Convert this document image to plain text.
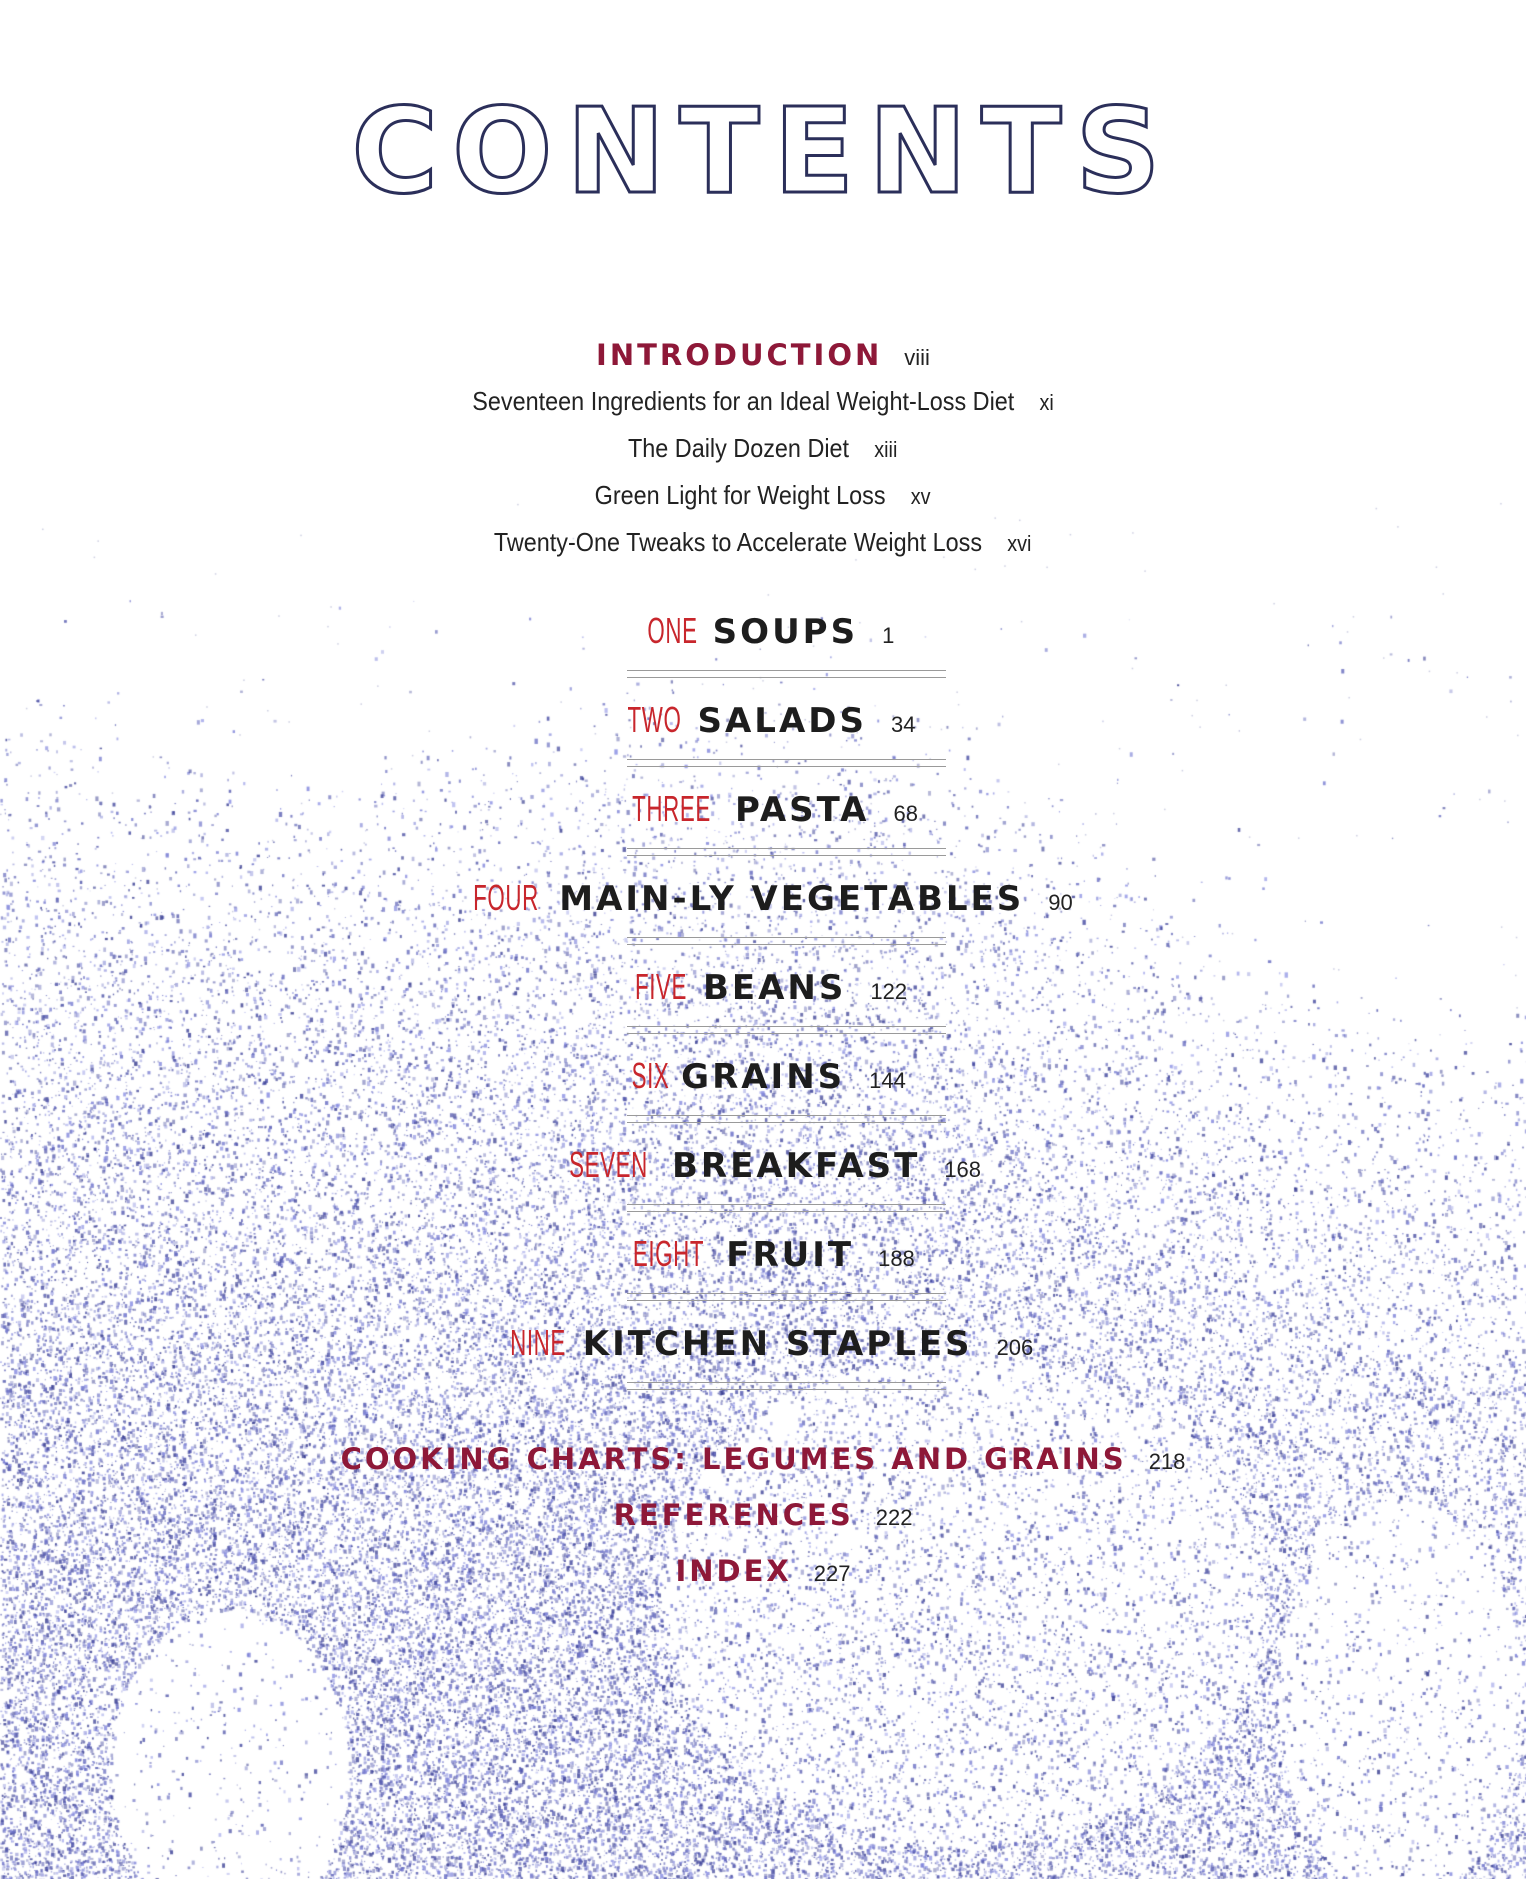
CONTENTS
INTRODUCTION viii
Seventeen Ingredients for an Ideal Weight-Loss Diet xi
The Daily Dozen Diet xiii
Green Light for Weight Loss xv
Twenty-One Tweaks to Accelerate Weight Loss xvi
ONE SOUPS 1
TWO SALADS 34
THREE PASTA 68
FOUR MAIN-LY VEGETABLES 90
FIVE BEANS 122
SIX GRAINS 144
SEVEN BREAKFAST 168
EIGHT FRUIT 188
NINE KITCHEN STAPLES 206
COOKING CHARTS: LEGUMES AND GRAINS 218
REFERENCES 222
INDEX 227
